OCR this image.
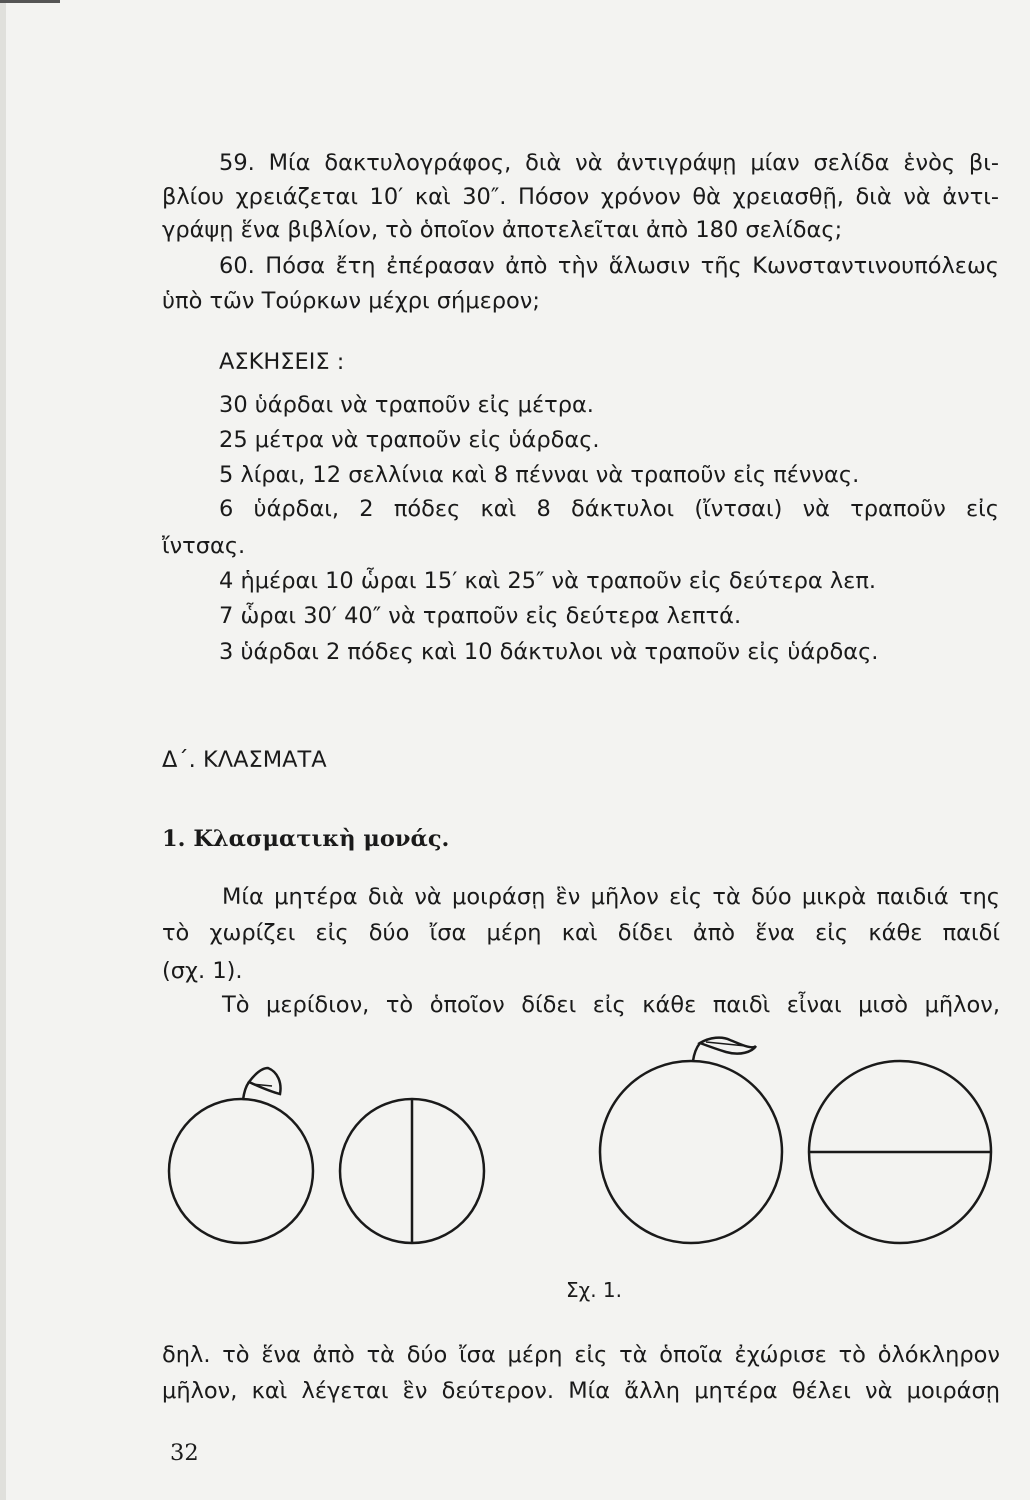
59. Μία δακτυλογράφος, διὰ νὰ ἀντιγράψῃ μίαν σελίδα ἑνὸς βι-
βλίου χρειάζεται 10′ καὶ 30″. Πόσον χρόνον θὰ χρειασθῇ, διὰ νὰ ἀντι-
γράψῃ ἕνα βιβλίον, τὸ ὁποῖον ἀποτελεῖται ἀπὸ 180 σελίδας;
60. Πόσα ἔτη ἐπέρασαν ἀπὸ τὴν ἅλωσιν τῆς Κωνσταντινουπόλεως
ὑπὸ τῶν Τούρκων μέχρι σήμερον;
ΑΣΚΗΣΕΙΣ :
30 ὑάρδαι νὰ τραποῦν εἰς μέτρα.
25 μέτρα νὰ τραποῦν εἰς ὑάρδας.
5 λίραι, 12 σελλίνια καὶ 8 πένναι νὰ τραποῦν εἰς πέννας.
6 ὑάρδαι, 2 πόδες καὶ 8 δάκτυλοι (ἴντσαι) νὰ τραποῦν εἰς
ἴντσας.
4 ἡμέραι 10 ὧραι 15′ καὶ 25″ νὰ τραποῦν εἰς δεύτερα λεπ.
7 ὧραι 30′ 40″ νὰ τραποῦν εἰς δεύτερα λεπτά.
3 ὑάρδαι 2 πόδες καὶ 10 δάκτυλοι νὰ τραποῦν εἰς ὑάρδας.
Δ΄. ΚΛΑΣΜΑΤΑ
1. Κλασματικὴ μονάς.
Μία μητέρα διὰ νὰ μοιράσῃ ἓν μῆλον εἰς τὰ δύο μικρὰ παιδιά της
τὸ χωρίζει εἰς δύο ἴσα μέρη καὶ δίδει ἀπὸ ἕνα εἰς κάθε παιδί
(σχ. 1).
Τὸ μερίδιον, τὸ ὁποῖον δίδει εἰς κάθε παιδὶ εἶναι μισὸ μῆλον,
Σχ. 1.
δηλ. τὸ ἕνα ἀπὸ τὰ δύο ἴσα μέρη εἰς τὰ ὁποῖα ἐχώρισε τὸ ὁλόκληρον
μῆλον, καὶ λέγεται ἓν δεύτερον. Μία ἄλλη μητέρα θέλει νὰ μοιράσῃ
32
